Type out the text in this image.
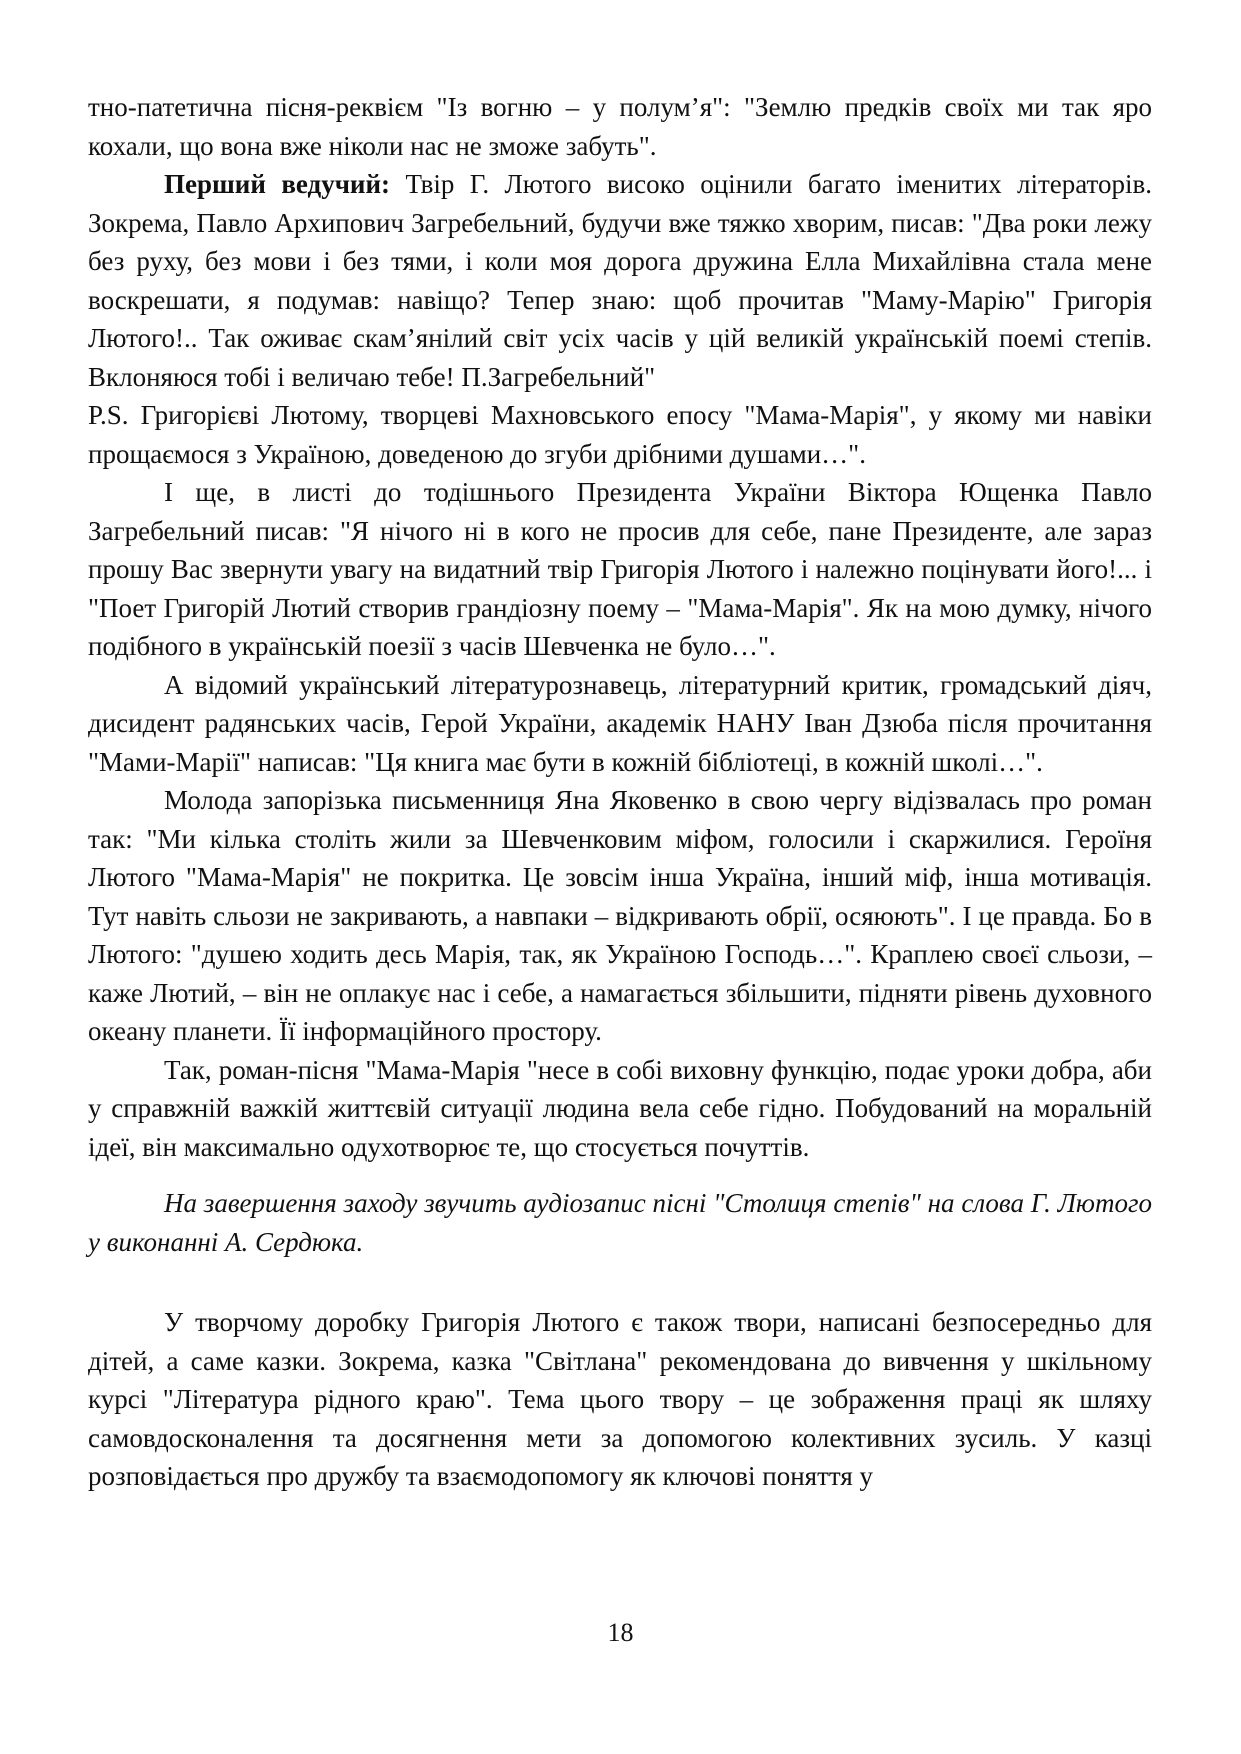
тно-патетична пісня-реквієм "Із вогню – у полум’я": "Землю предків своїх ми так яро кохали, що вона вже ніколи нас не зможе забуть".

Перший ведучий: Твір Г. Лютого високо оцінили багато іменитих літераторів. Зокрема, Павло Архипович Загребельний, будучи вже тяжко хворим, писав: "Два роки лежу без руху, без мови і без тями, і коли моя дорога дружина Елла Михайлівна стала мене воскрешати, я подумав: навіщо? Тепер знаю: щоб прочитав "Маму-Марію" Григорія Лютого!.. Так оживає скам’янілий світ усіх часів у цій великій українській поемі степів. Вклоняюся тобі і величаю тебе! П.Загребельний"

P.S. Григорієві Лютому, творцеві Махновського епосу "Мама-Марія", у якому ми навіки прощаємося з Україною, доведеною до згуби дрібними душами…".

І ще, в листі до тодішнього Президента України Віктора Ющенка Павло Загребельний писав: "Я нічого ні в кого не просив для себе, пане Президенте, але зараз прошу Вас звернути увагу на видатний твір Григорія Лютого і належно поцінувати його!... і "Поет Григорій Лютий створив грандіозну поему – "Мама-Марія". Як на мою думку, нічого подібного в українській поезії з часів Шевченка не було…".

А відомий український літературознавець, літературний критик, громадський діяч, дисидент радянських часів, Герой України, академік НАНУ Іван Дзюба після прочитання "Мами-Марії" написав: "Ця книга має бути в кожній бібліотеці, в кожній школі…".

Молода запорізька письменниця Яна Яковенко в свою чергу відізвалась про роман так: "Ми кілька століть жили за Шевченковим міфом, голосили і скаржилися. Героїня Лютого "Мама-Марія" не покритка. Це зовсім інша Україна, інший міф, інша мотивація. Тут навіть сльози не закривають, а навпаки – відкривають обрії, осяюють". І це правда. Бо в Лютого: "душею ходить десь Марія, так, як Україною Господь…". Краплею своєї сльози, – каже Лютий, – він не оплакує нас і себе, а намагається збільшити, підняти рівень духовного океану планети. Її інформаційного простору.

Так, роман-пісня "Мама-Марія "несе в собі виховну функцію, подає уроки добра, аби у справжній важкій життєвій ситуації людина вела себе гідно. Побудований на моральній ідеї, він максимально одухотворює те, що стосується почуттів.

На завершення заходу звучить аудіозапис пісні "Столиця степів" на слова Г. Лютого у виконанні А. Сердюка.

У творчому доробку Григорія Лютого є також твори, написані безпосередньо для дітей, а саме казки. Зокрема, казка "Світлана" рекомендована до вивчення у шкільному курсі "Література рідного краю". Тема цього твору – це зображення праці як шляху самовдосконалення та досягнення мети за допомогою колективних зусиль. У казці розповідається про дружбу та взаємодопомогу як ключові поняття у

18
